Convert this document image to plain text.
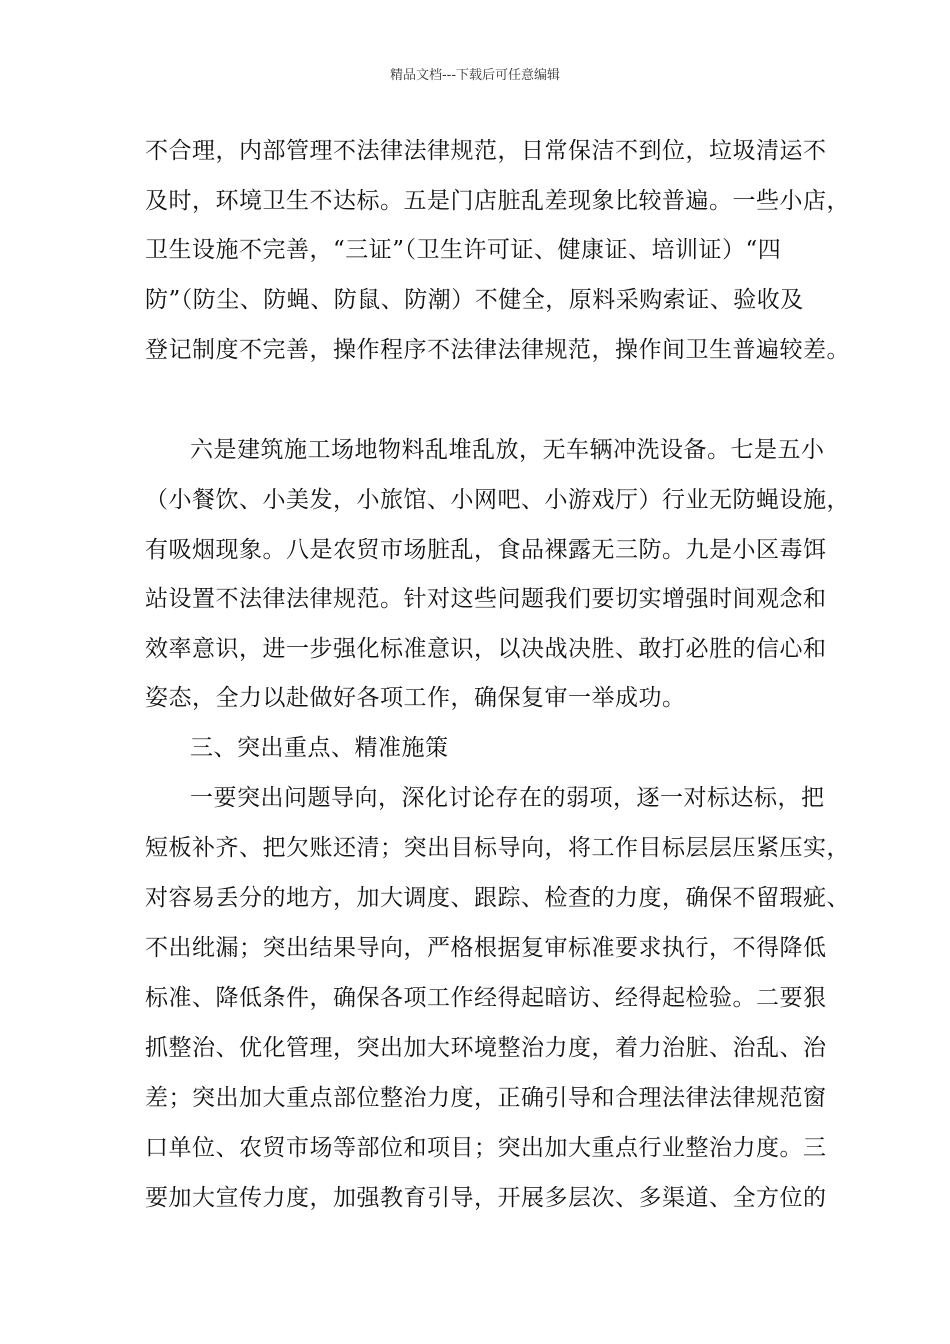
精品文档---下载后可任意编辑
不合理，内部管理不法律法律规范，日常保洁不到位，垃圾清运不
及时，环境卫生不达标。五是门店脏乱差现象比较普遍。一些小店，
卫生设施不完善，“三证”（卫生许可证、健康证、培训证）“四
防”（防尘、防蝇、防鼠、防潮）不健全，原料采购索证、验收及
登记制度不完善，操作程序不法律法律规范，操作间卫生普遍较差。
六是建筑施工场地物料乱堆乱放，无车辆冲洗设备。七是五小
（小餐饮、小美发，小旅馆、小网吧、小游戏厅）行业无防蝇设施，
有吸烟现象。八是农贸市场脏乱，食品裸露无三防。九是小区毒饵
站设置不法律法律规范。针对这些问题我们要切实增强时间观念和
效率意识，进一步强化标准意识，以决战决胜、敢打必胜的信心和
姿态，全力以赴做好各项工作，确保复审一举成功。
三、突出重点、精准施策
一要突出问题导向，深化讨论存在的弱项，逐一对标达标，把
短板补齐、把欠账还清；突出目标导向，将工作目标层层压紧压实，
对容易丢分的地方，加大调度、跟踪、检查的力度，确保不留瑕疵、
不出纰漏；突出结果导向，严格根据复审标准要求执行，不得降低
标准、降低条件，确保各项工作经得起暗访、经得起检验。二要狠
抓整治、优化管理，突出加大环境整治力度，着力治脏、治乱、治
差；突出加大重点部位整治力度，正确引导和合理法律法律规范窗
口单位、农贸市场等部位和项目；突出加大重点行业整治力度。三
要加大宣传力度，加强教育引导，开展多层次、多渠道、全方位的
